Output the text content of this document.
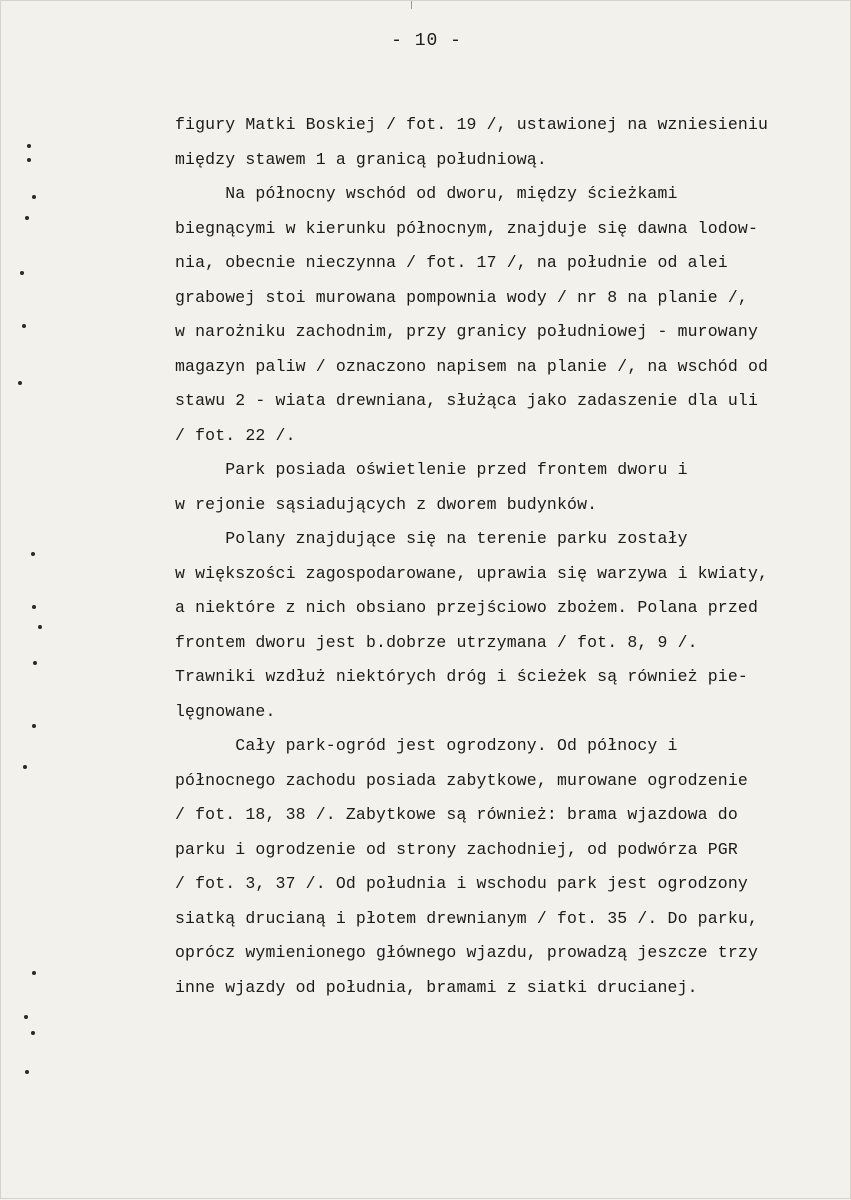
- 10 -
figury Matki Boskiej / fot. 19 /, ustawionej na wzniesieniu
między stawem 1 a granicą południową.
Na północny wschód od dworu, między ścieżkami
biegnącymi w kierunku północnym, znajduje się dawna lodow-
nia, obecnie nieczynna / fot. 17 /, na południe od alei
grabowej stoi murowana pompownia wody / nr 8 na planie /,
w narożniku zachodnim, przy granicy południowej - murowany
magazyn paliw / oznaczono napisem na planie /, na wschód od
stawu 2 - wiata drewniana, służąca jako zadaszenie dla uli
/ fot. 22 /.
Park posiada oświetlenie przed frontem dworu i
w rejonie sąsiadujących z dworem budynków.
Polany znajdujące się na terenie parku zostały
w większości zagospodarowane, uprawia się warzywa i kwiaty,
a niektóre z nich obsiano przejściowo zbożem. Polana przed
frontem dworu jest b.dobrze utrzymana / fot. 8, 9 /.
Trawniki wzdłuż niektórych dróg i ścieżek są również pie-
lęgnowane.
Cały park-ogród jest ogrodzony. Od północy i
północnego zachodu posiada zabytkowe, murowane ogrodzenie
/ fot. 18, 38 /. Zabytkowe są również: brama wjazdowa do
parku i ogrodzenie od strony zachodniej, od podwórza PGR
/ fot. 3, 37 /. Od południa i wschodu park jest ogrodzony
siatką drucianą i płotem drewnianym / fot. 35 /. Do parku,
oprócz wymienionego głównego wjazdu, prowadzą jeszcze trzy
inne wjazdy od południa, bramami z siatki drucianej.
